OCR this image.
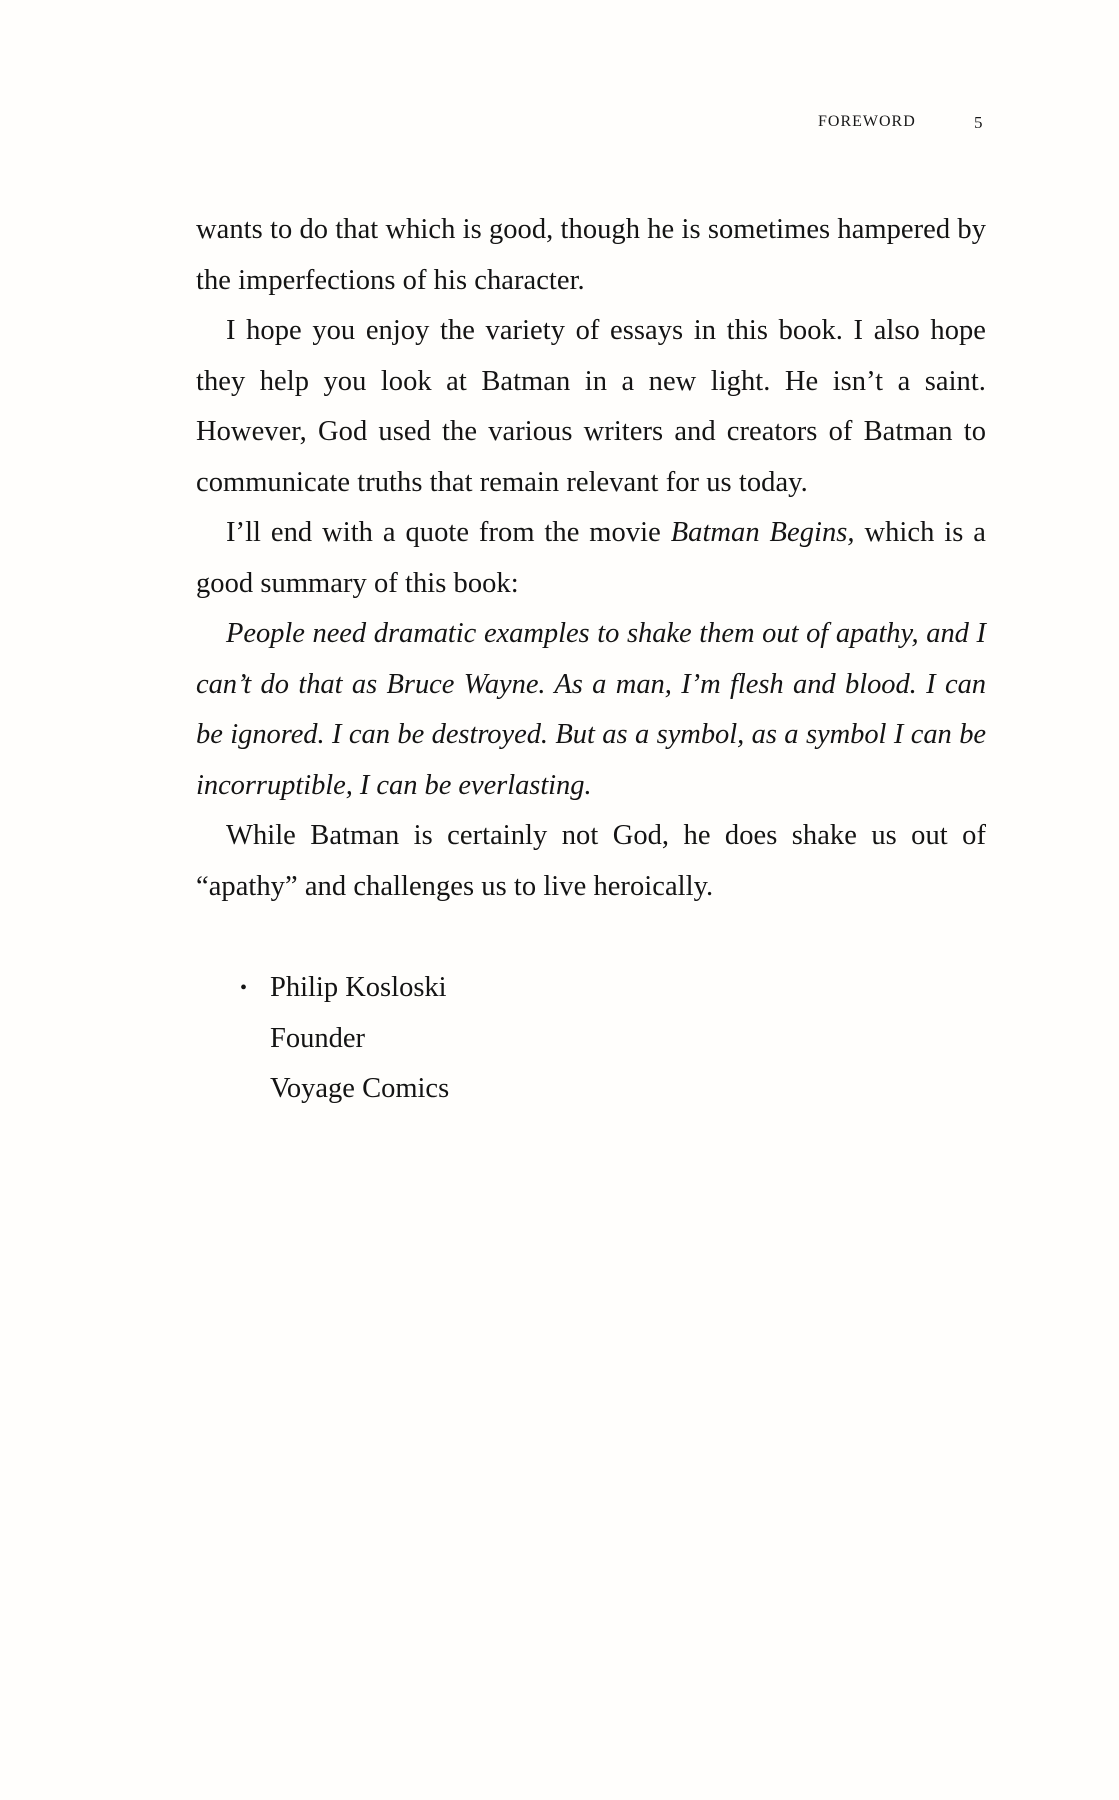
FOREWORD	5

wants to do that which is good, though he is sometimes hampered by the imperfections of his character.

I hope you enjoy the variety of essays in this book. I also hope they help you look at Batman in a new light. He isn’t a saint. However, God used the various writers and creators of Batman to communicate truths that remain relevant for us today.

I’ll end with a quote from the movie Batman Begins, which is a good summary of this book:

People need dramatic examples to shake them out of apathy, and I can’t do that as Bruce Wayne. As a man, I’m flesh and blood. I can be ignored. I can be destroyed. But as a symbol, as a symbol I can be incorruptible, I can be everlasting.

While Batman is certainly not God, he does shake us out of “apathy” and challenges us to live heroically.

• Philip Kosloski
Founder
Voyage Comics
